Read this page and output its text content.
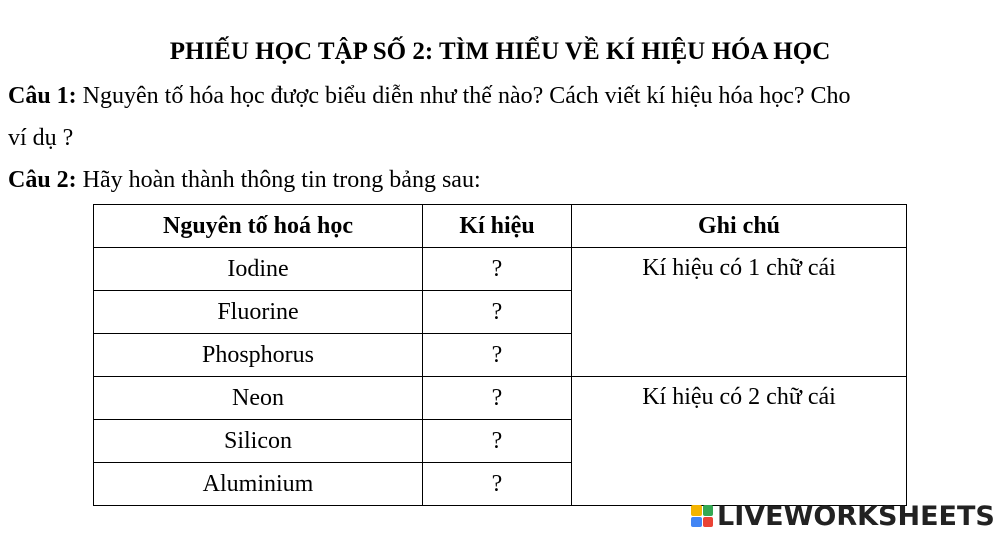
PHIẾU HỌC TẬP SỐ 2: TÌM HIỂU VỀ KÍ HIỆU HÓA HỌC
Câu 1: Nguyên tố hóa học được biểu diễn như thế nào? Cách viết kí hiệu hóa học? Cho
ví dụ ?
Câu 2: Hãy hoàn thành thông tin trong bảng sau:
Nguyên tố hoá học	Kí hiệu	Ghi chú
Iodine	?	Kí hiệu có 1 chữ cái
Fluorine	?	
Phosphorus	?	
Neon	?	Kí hiệu có 2 chữ cái
Silicon	?	
Aluminium	?	
LIVEWORKSHEETS
